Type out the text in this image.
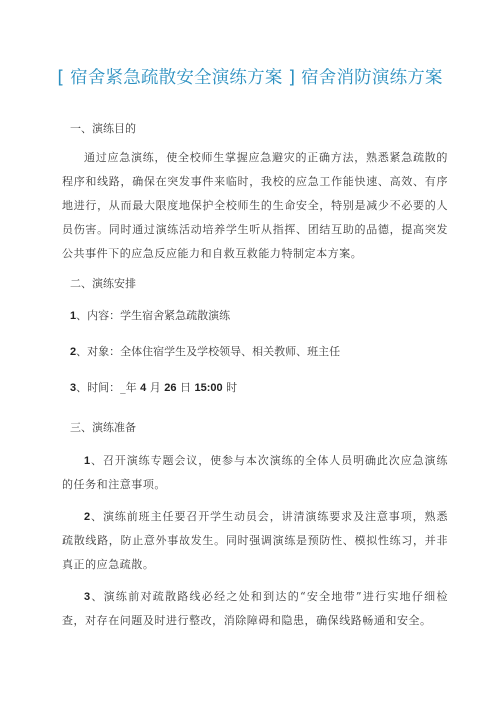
[ 宿舍紧急疏散安全演练方案 ] 宿舍消防演练方案
一、演练目的
通过应急演练，使全校师生掌握应急避灾的正确方法，熟悉紧急疏散的程序和线路，确保在突发事件来临时，我校的应急工作能快速、高效、有序地进行，从而最大限度地保护全校师生的生命安全，特别是减少不必要的人员伤害。同时通过演练活动培养学生听从指挥、团结互助的品德，提高突发公共事件下的应急反应能力和自救互救能力特制定本方案。
二、演练安排
1、内容：学生宿舍紧急疏散演练
2、对象：全体住宿学生及学校领导、相关教师、班主任
3、时间：_年 4 月 26 日 15:00 时
三、演练准备
1、召开演练专题会议，使参与本次演练的全体人员明确此次应急演练的任务和注意事项。
2、演练前班主任要召开学生动员会，讲清演练要求及注意事项，熟悉疏散线路，防止意外事故发生。同时强调演练是预防性、模拟性练习，并非真正的应急疏散。
3、演练前对疏散路线必经之处和到达的“安全地带”进行实地仔细检查，对存在问题及时进行整改，消除障碍和隐患，确保线路畅通和安全。
